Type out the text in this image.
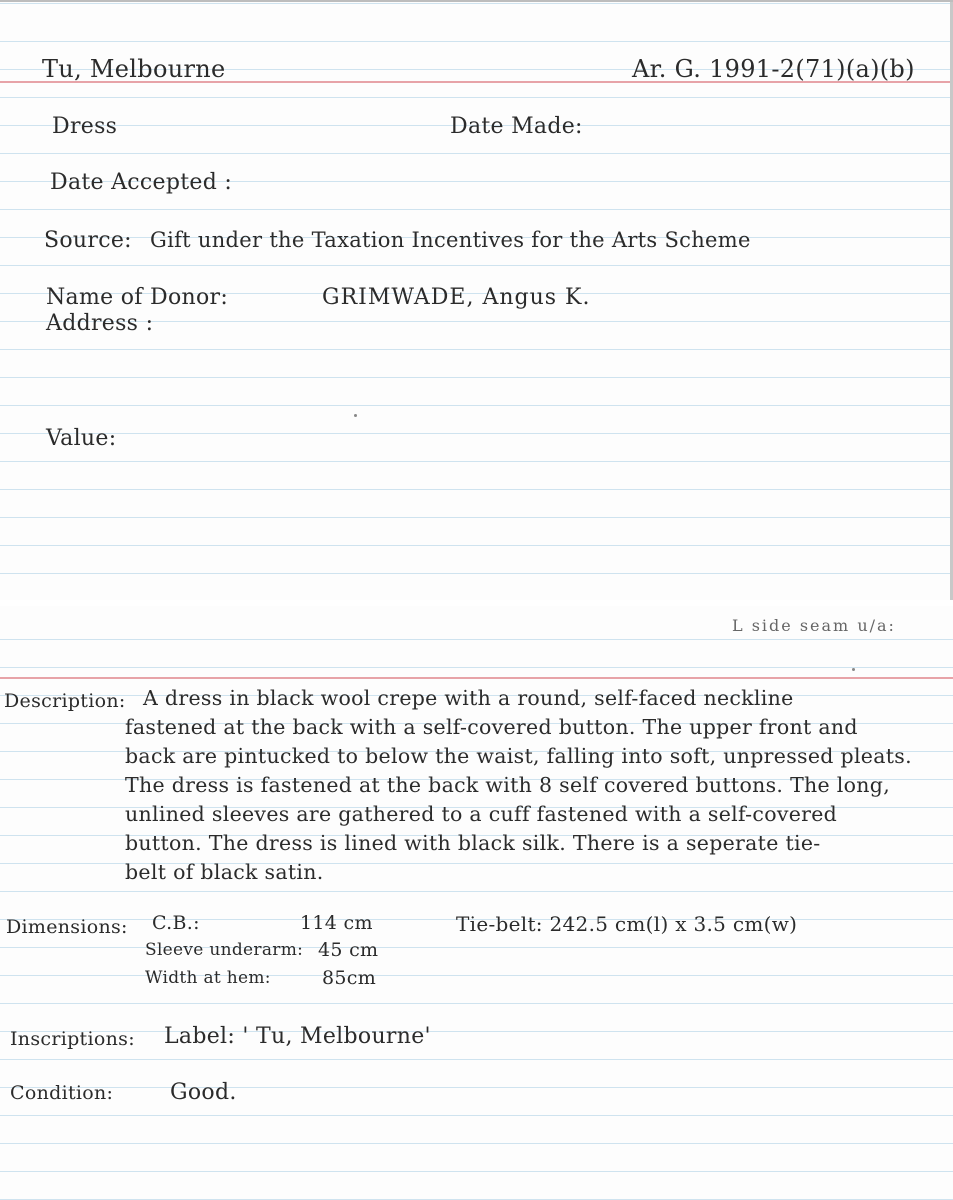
Tu, Melbourne	Ar. G. 1991-2(71)(a)(b)
Dress	Date Made:
Date Accepted :
Source: Gift under the Taxation Incentives for the Arts Scheme
Name of Donor:	GRIMWADE, Angus K.
Address :
Value:
L side seam u/a:
Description: A dress in black wool crepe with a round, self-faced neckline
fastened at the back with a self-covered button. The upper front and
back are pintucked to below the waist, falling into soft, unpressed pleats.
The dress is fastened at the back with 8 self covered buttons. The long,
unlined sleeves are gathered to a cuff fastened with a self-covered
button. The dress is lined with black silk. There is a seperate tie-
belt of black satin.
Dimensions: C.B.:	114 cm	Tie-belt: 242.5 cm(l) x 3.5 cm(w)
Sleeve underarm: 45 cm
Width at hem:	85cm
Inscriptions: Label: ' Tu, Melbourne'
Condition:	Good.
